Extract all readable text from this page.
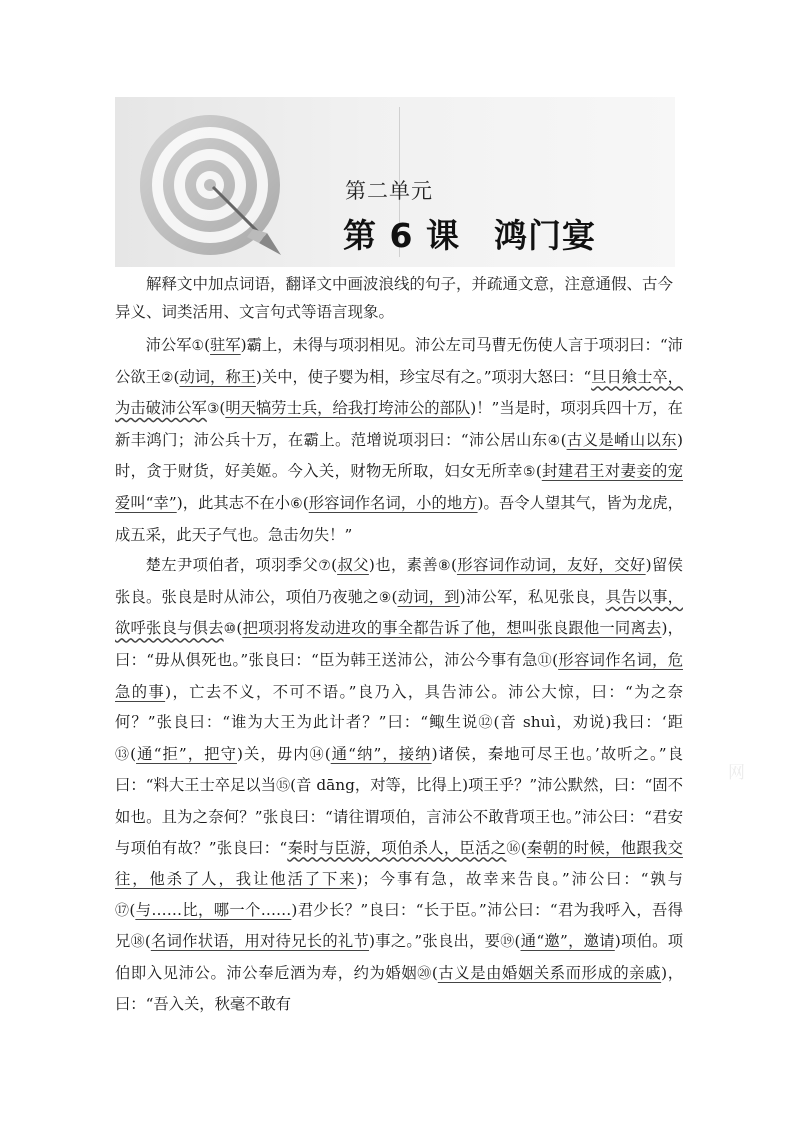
第二单元
第 6 课 鸿门宴

解释文中加点词语，翻译文中画波浪线的句子，并疏通文意，注意通假、古今异义、词类活用、文言句式等语言现象。

沛公军①(驻军)霸上，未得与项羽相见。沛公左司马曹无伤使人言于项羽曰：“沛公欲王②(动词，称王)关中，使子婴为相，珍宝尽有之。”项羽大怒曰：“旦日飨士卒，为击破沛公军③(明天犒劳士兵，给我打垮沛公的部队)！”当是时，项羽兵四十万，在新丰鸿门；沛公兵十万，在霸上。范增说项羽曰：“沛公居山东④(古义是崤山以东)时，贪于财货，好美姬。今入关，财物无所取，妇女无所幸⑤(封建君王对妻妾的宠爱叫“幸”)，此其志不在小⑥(形容词作名词，小的地方)。吾令人望其气，皆为龙虎，成五采，此天子气也。急击勿失！”

楚左尹项伯者，项羽季父⑦(叔父)也，素善⑧(形容词作动词，友好，交好)留侯张良。张良是时从沛公，项伯乃夜驰之⑨(动词，到)沛公军，私见张良，具告以事，欲呼张良与俱去⑩(把项羽将发动进攻的事全都告诉了他，想叫张良跟他一同离去)，曰：“毋从俱死也。”张良曰：“臣为韩王送沛公，沛公今事有急⑪(形容词作名词，危急的事)，亡去不义，不可不语。”良乃入，具告沛公。沛公大惊，曰：“为之奈何？”张良曰：“谁为大王为此计者？”曰：“鲰生说⑫(音 shuì，劝说)我曰：‘距⑬(通“拒”，把守)关，毋内⑭(通“纳”，接纳)诸侯，秦地可尽王也。’故听之。”良曰：“料大王士卒足以当⑮(音 dāng，对等，比得上)项王乎？”沛公默然，曰：“固不如也。且为之奈何？”张良曰：“请往谓项伯，言沛公不敢背项王也。”沛公曰：“君安与项伯有故？”张良曰：“秦时与臣游，项伯杀人，臣活之⑯(秦朝的时候，他跟我交往，他杀了人，我让他活了下来)；今事有急，故幸来告良。”沛公曰：“孰与⑰(与……比，哪一个……)君少长？”良曰：“长于臣。”沛公曰：“君为我呼入，吾得兄⑱(名词作状语，用对待兄长的礼节)事之。”张良出，要⑲(通“邀”，邀请)项伯。项伯即入见沛公。沛公奉卮酒为寿，约为婚姻⑳(古义是由婚姻关系而形成的亲戚)，曰：“吾入关，秋毫不敢有

网
